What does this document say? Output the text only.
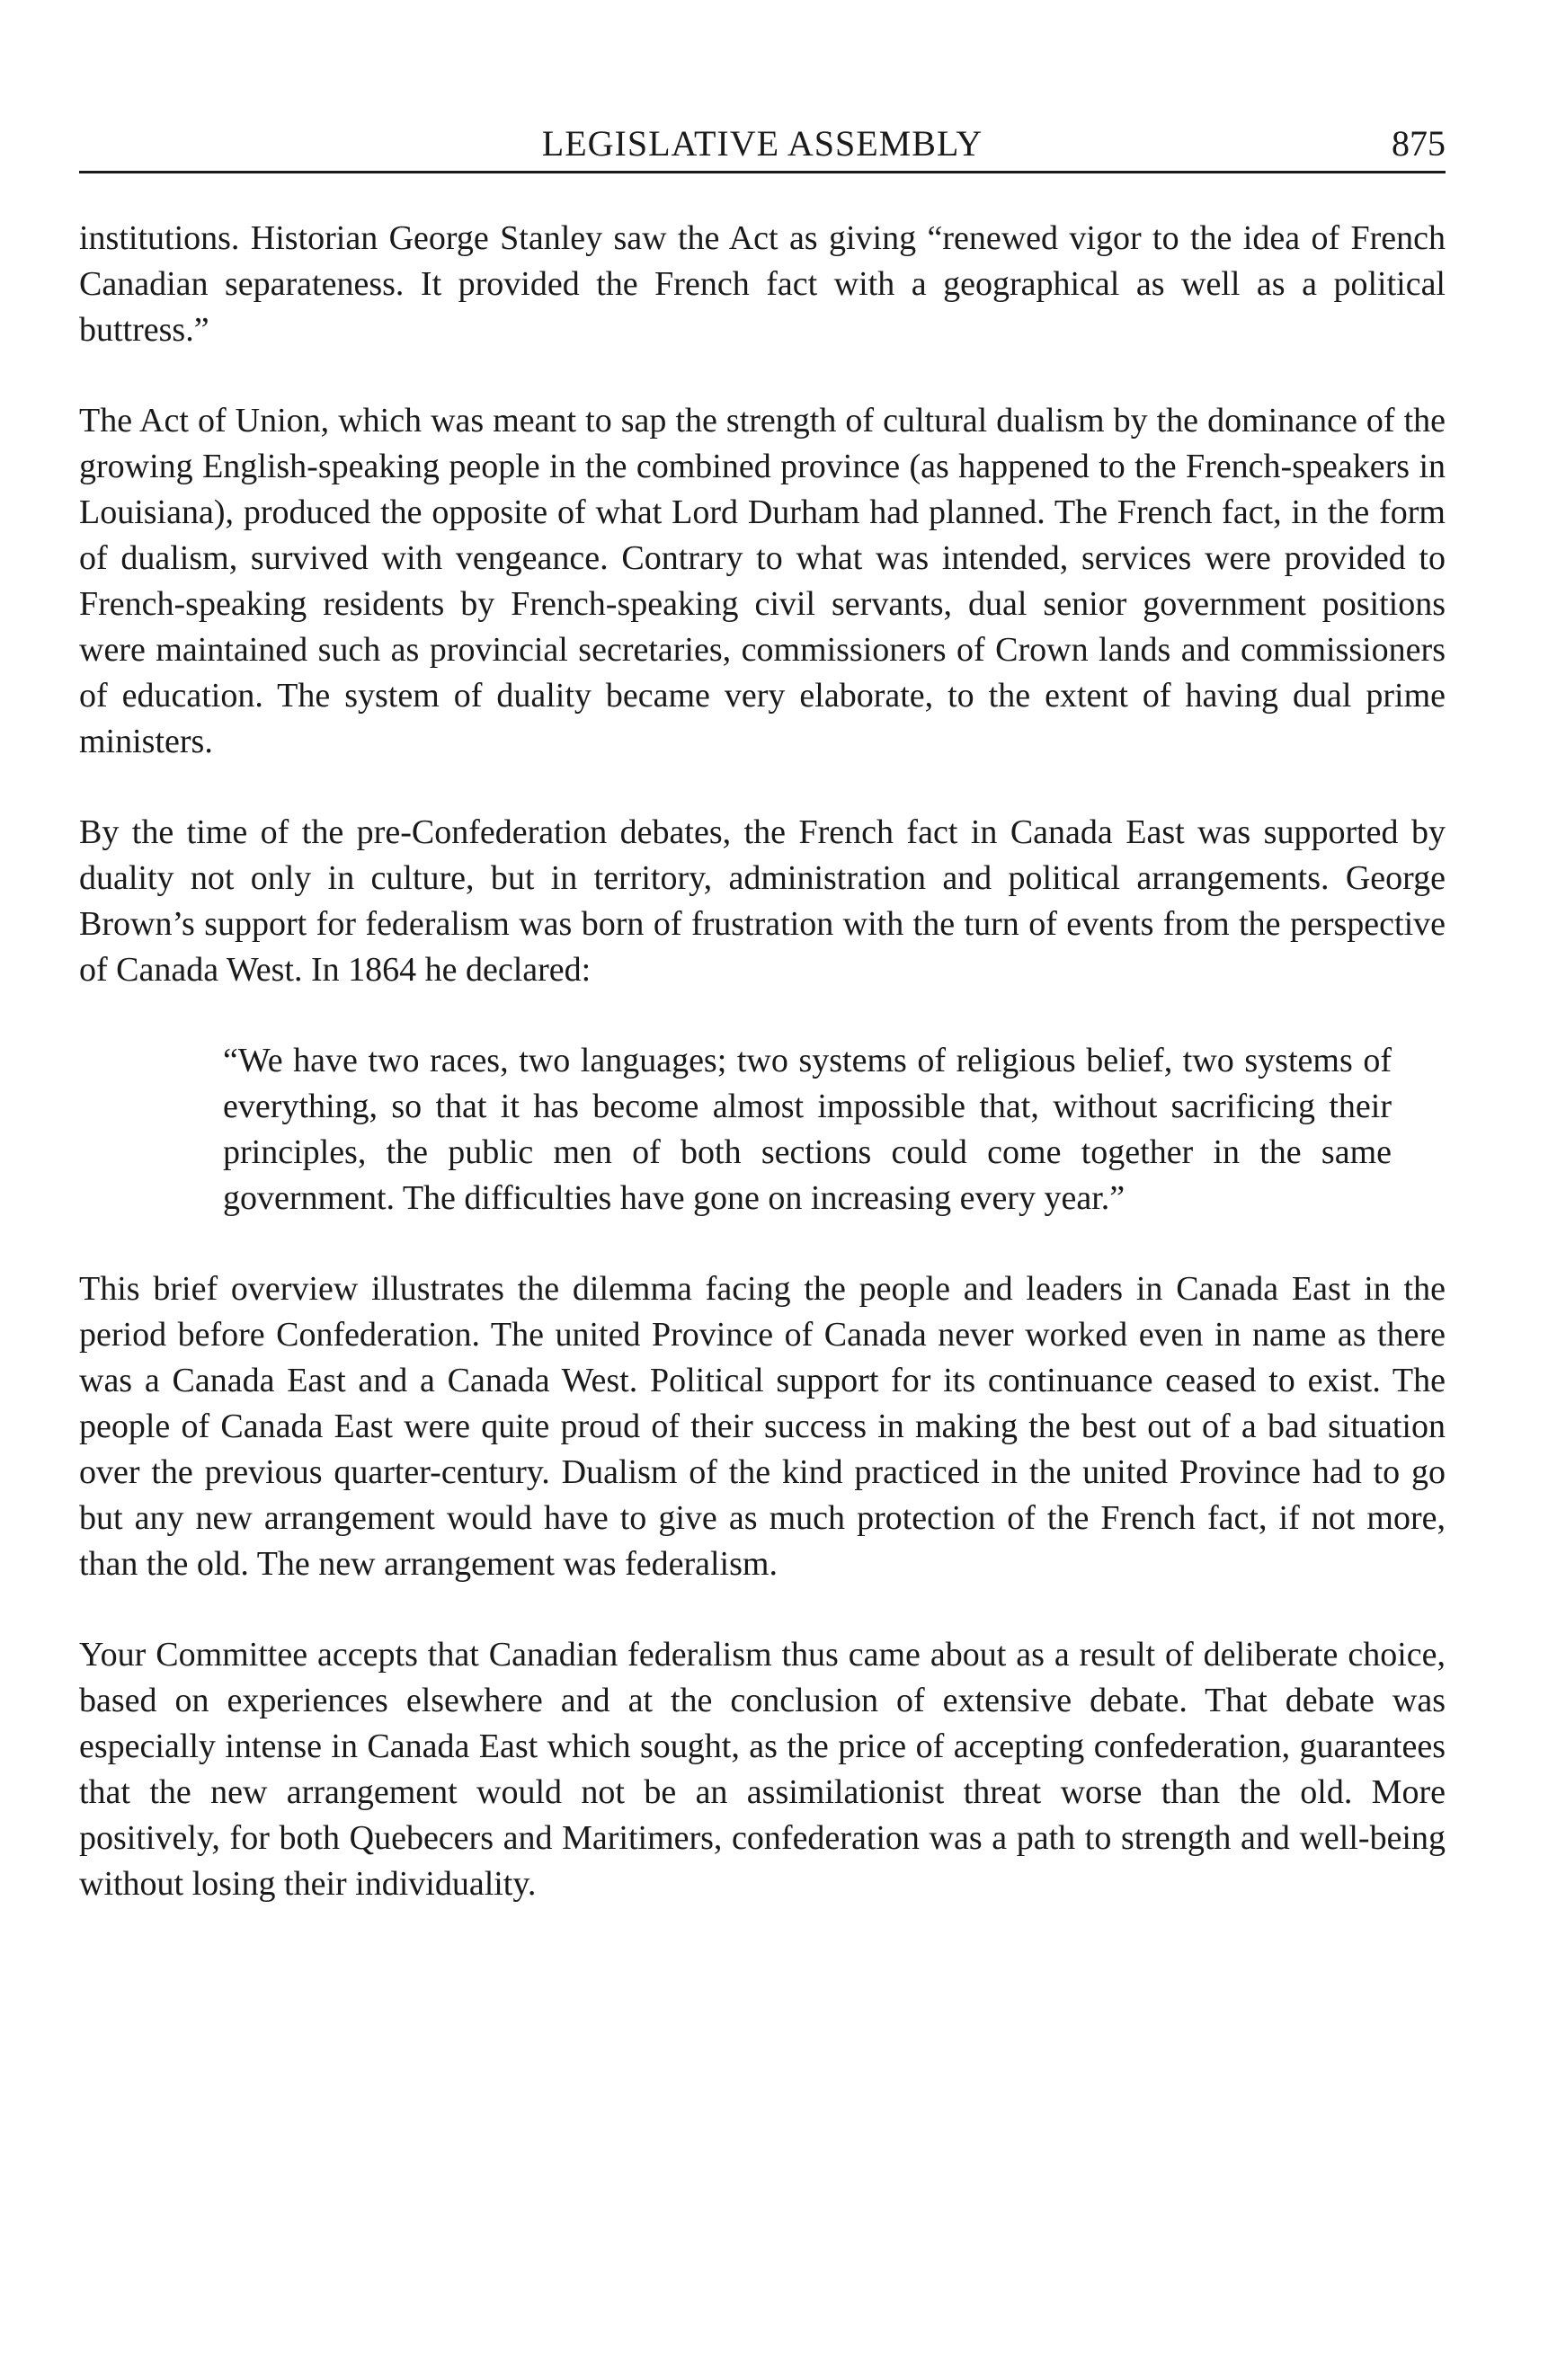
LEGISLATIVE ASSEMBLY	875

institutions. Historian George Stanley saw the Act as giving “renewed vigor to the idea of French Canadian separateness. It provided the French fact with a geographical as well as a political buttress.”

The Act of Union, which was meant to sap the strength of cultural dualism by the dominance of the growing English-speaking people in the combined province (as happened to the French-speakers in Louisiana), produced the opposite of what Lord Durham had planned. The French fact, in the form of dualism, survived with vengeance. Contrary to what was intended, services were provided to French-speaking residents by French-speaking civil servants, dual senior government positions were maintained such as provincial secretaries, commissioners of Crown lands and commissioners of education. The system of duality became very elaborate, to the extent of having dual prime ministers.

By the time of the pre-Confederation debates, the French fact in Canada East was supported by duality not only in culture, but in territory, administration and political arrangements. George Brown’s support for federalism was born of frustration with the turn of events from the perspective of Canada West. In 1864 he declared:

“We have two races, two languages; two systems of religious belief, two systems of everything, so that it has become almost impossible that, without sacrificing their principles, the public men of both sections could come together in the same government. The difficulties have gone on increasing every year.”

This brief overview illustrates the dilemma facing the people and leaders in Canada East in the period before Confederation. The united Province of Canada never worked even in name as there was a Canada East and a Canada West. Political support for its continuance ceased to exist. The people of Canada East were quite proud of their success in making the best out of a bad situation over the previous quarter-century. Dualism of the kind practiced in the united Province had to go but any new arrangement would have to give as much protection of the French fact, if not more, than the old. The new arrangement was federalism.

Your Committee accepts that Canadian federalism thus came about as a result of deliberate choice, based on experiences elsewhere and at the conclusion of extensive debate. That debate was especially intense in Canada East which sought, as the price of accepting confederation, guarantees that the new arrangement would not be an assimilationist threat worse than the old. More positively, for both Quebecers and Maritimers, confederation was a path to strength and well-being without losing their individuality.
